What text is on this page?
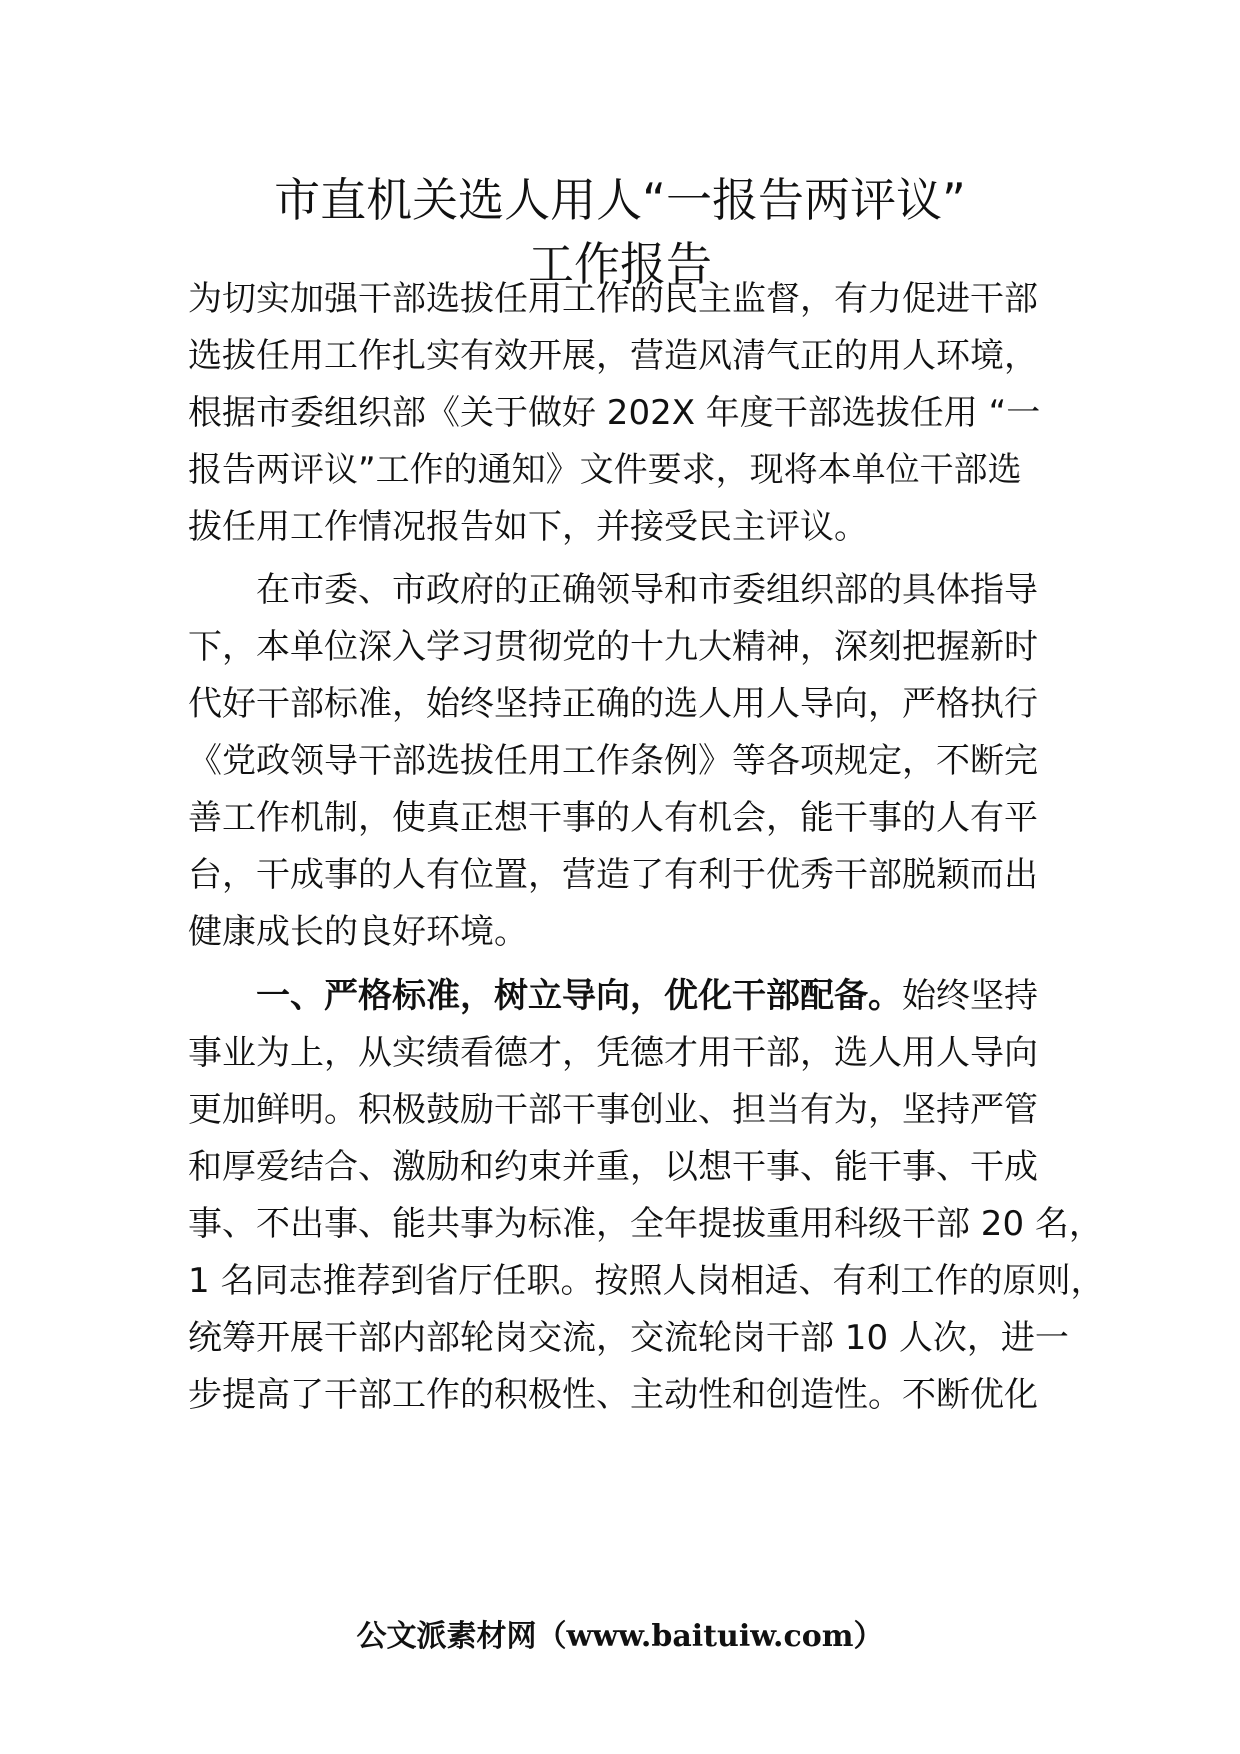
市直机关选人用人“一报告两评议”
工作报告

为切实加强干部选拔任用工作的民主监督，有力促进干部

选拔任用工作扎实有效开展，营造风清气正的用人环境，

根据市委组织部《关于做好 202X 年度干部选拔任用 “一

报告两评议”工作的通知》文件要求，现将本单位干部选

拔任用工作情况报告如下，并接受民主评议。

在市委、市政府的正确领导和市委组织部的具体指导

下，本单位深入学习贯彻党的十九大精神，深刻把握新时

代好干部标准，始终坚持正确的选人用人导向，严格执行

《党政领导干部选拔任用工作条例》等各项规定，不断完

善工作机制，使真正想干事的人有机会，能干事的人有平

台，干成事的人有位置，营造了有利于优秀干部脱颖而出

健康成长的良好环境。

一、严格标准，树立导向，优化干部配备。始终坚持

事业为上，从实绩看德才，凭德才用干部，选人用人导向

更加鲜明。积极鼓励干部干事创业、担当有为，坚持严管

和厚爱结合、激励和约束并重，以想干事、能干事、干成

事、不出事、能共事为标准，全年提拔重用科级干部 20 名，

1 名同志推荐到省厅任职。按照人岗相适、有利工作的原则，

统筹开展干部内部轮岗交流，交流轮岗干部 10 人次，进一

步提高了干部工作的积极性、主动性和创造性。不断优化

公文派素材网（www.baituiw.com）
